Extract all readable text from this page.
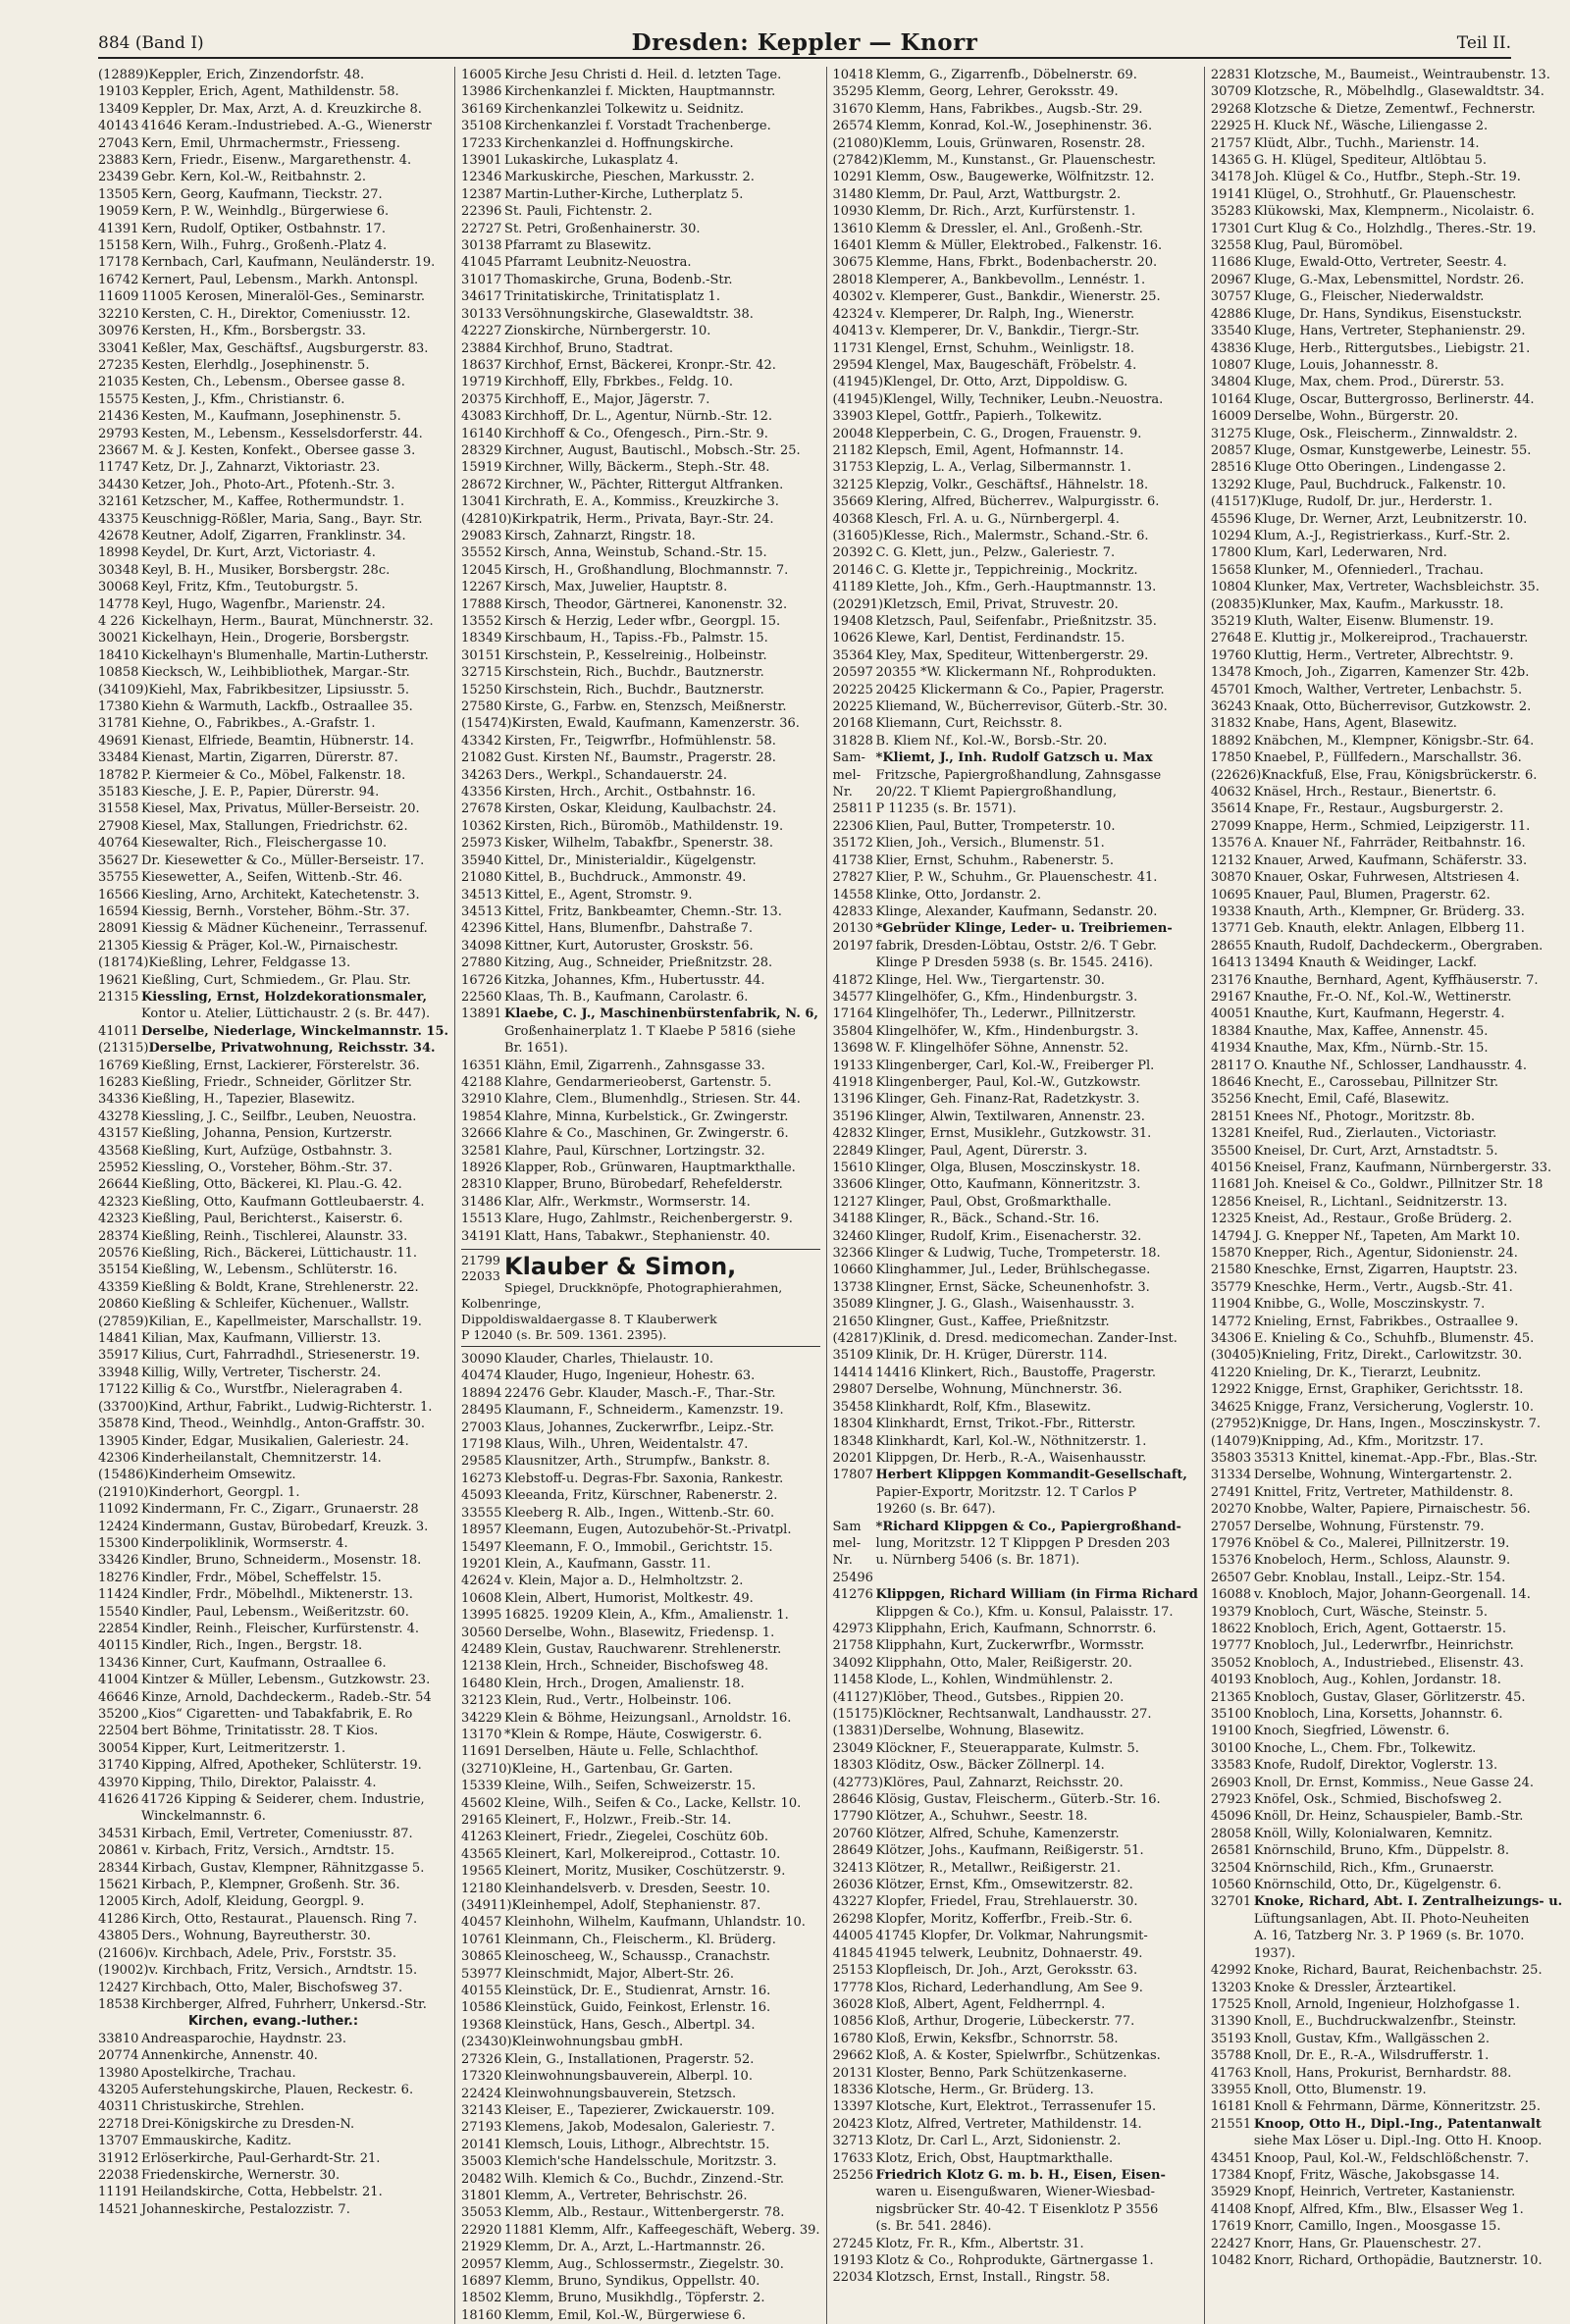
884 (Band I)	Dresden: Keppler — Knorr	Teil II.
(12889)Keppler, Erich, Zinzendorfstr. 48.
19103 Keppler, Erich, Agent, Mathildenstr. 58.
13409 Keppler, Dr. Max, Arzt, A. d. Kreuzkirche 8.
40143 41646 Keram.-Industriebed. A.-G., Wienerstr
27043 Kern, Emil, Uhrmachermstr., Friesseng.
23883 Kern, Friedr., Eisenw., Margarethenstr. 4.
23439 Gebr. Kern, Kol.-W., Reitbahnstr. 2.
13505 Kern, Georg, Kaufmann, Tieckstr. 27.
19059 Kern, P. W., Weinhdlg., Bürgerwiese 6.
41391 Kern, Rudolf, Optiker, Ostbahnstr. 17.
15158 Kern, Wilh., Fuhrg., Großenh.-Platz 4.
17178 Kernbach, Carl, Kaufmann, Neuländerstr. 19.
16742 Kernert, Paul, Lebensm., Markh. Antonspl.
11609 11005 Kerosen, Mineralöl-Ges., Seminarstr.
32210 Kersten, C. H., Direktor, Comeniusstr. 12.
30976 Kersten, H., Kfm., Borsbergstr. 33.
33041 Keßler, Max, Geschäftsf., Augsburgerstr. 83.
27235 Kesten, Elerhdlg., Josephinenstr. 5.
21035 Kesten, Ch., Lebensm., Obersee gasse 8.
15575 Kesten, J., Kfm., Christianstr. 6.
21436 Kesten, M., Kaufmann, Josephinenstr. 5.
29793 Kesten, M., Lebensm., Kesselsdorferstr. 44.
23667 M. & J. Kesten, Konfekt., Obersee gasse 3.
11747 Ketz, Dr. J., Zahnarzt, Viktoriastr. 23.
34430 Ketzer, Joh., Photo-Art., Pfotenh.-Str. 3.
32161 Ketzscher, M., Kaffee, Rothermundstr. 1.
43375 Keuschnigg-Rößler, Maria, Sang., Bayr. Str.
42678 Keutner, Adolf, Zigarren, Franklinstr. 34.
18998 Keydel, Dr. Kurt, Arzt, Victoriastr. 4.
30348 Keyl, B. H., Musiker, Borsbergstr. 28c.
30068 Keyl, Fritz, Kfm., Teutoburgstr. 5.
14778 Keyl, Hugo, Wagenfbr., Marienstr. 24.
4 226 Kickelhayn, Herm., Baurat, Münchnerstr. 32.
30021 Kickelhayn, Hein., Drogerie, Borsbergstr.
18410 Kickelhayn's Blumenhalle, Martin-Lutherstr.
10858 Kiecksch, W., Leihbibliothek, Margar.-Str.
(34109)Kiehl, Max, Fabrikbesitzer, Lipsiusstr. 5.
17380 Kiehn & Warmuth, Lackfb., Ostraallee 35.
31781 Kiehne, O., Fabrikbes., A.-Grafstr. 1.
49691 Kienast, Elfriede, Beamtin, Hübnerstr. 14.
33484 Kienast, Martin, Zigarren, Dürerstr. 87.
18782 P. Kiermeier & Co., Möbel, Falkenstr. 18.
35183 Kiesche, J. E. P., Papier, Dürerstr. 94.
31558 Kiesel, Max, Privatus, Müller-Berseistr. 20.
27908 Kiesel, Max, Stallungen, Friedrichstr. 62.
40764 Kiesewalter, Rich., Fleischergasse 10.
35627 Dr. Kiesewetter & Co., Müller-Berseistr. 17.
35755 Kiesewetter, A., Seifen, Wittenb.-Str. 46.
16566 Kiesling, Arno, Architekt, Katechetenstr. 3.
16594 Kiessig, Bernh., Vorsteher, Böhm.-Str. 37.
28091 Kiessig & Mädner Kücheneinr., Terrassenuf.
21305 Kiessig & Präger, Kol.-W., Pirnaischestr.
(18174)Kießling, Lehrer, Feldgasse 13.
19621 Kießling, Curt, Schmiedem., Gr. Plau. Str.
21315 Kiessling, Ernst, Holzdekorationsmaler,
Kontor u. Atelier, Lüttichaustr. 2 (s. Br. 447).
41011 Derselbe, Niederlage, Winckelmannstr. 15.
(21315)Derselbe, Privatwohnung, Reichsstr. 34.
16769 Kießling, Ernst, Lackierer, Försterelstr. 36.
16283 Kießling, Friedr., Schneider, Görlitzer Str.
34336 Kießling, H., Tapezier, Blasewitz.
43278 Kiessling, J. C., Seilfbr., Leuben, Neuostra.
43157 Kießling, Johanna, Pension, Kurtzerstr.
43568 Kießling, Kurt, Aufzüge, Ostbahnstr. 3.
25952 Kiessling, O., Vorsteher, Böhm.-Str. 37.
26644 Kießling, Otto, Bäckerei, Kl. Plau.-G. 42.
42323 Kießling, Otto, Kaufmann Gottleubaerstr. 4.
42323 Kießling, Paul, Berichterst., Kaiserstr. 6.
28374 Kießling, Reinh., Tischlerei, Alaunstr. 33.
20576 Kießling, Rich., Bäckerei, Lüttichaustr. 11.
35154 Kießling, W., Lebensm., Schlüterstr. 16.
43359 Kießling & Boldt, Krane, Strehlenerstr. 22.
20860 Kießling & Schleifer, Küchenuer., Wallstr.
(27859)Kilian, E., Kapellmeister, Marschallstr. 19.
14841 Kilian, Max, Kaufmann, Villierstr. 13.
35917 Kilius, Curt, Fahrradhdl., Striesenerstr. 19.
33948 Killig, Willy, Vertreter, Tischerstr. 24.
17122 Killig & Co., Wurstfbr., Nieleragraben 4.
(33700)Kind, Arthur, Fabrikt., Ludwig-Richterstr. 1.
35878 Kind, Theod., Weinhdlg., Anton-Graffstr. 30.
13905 Kinder, Edgar, Musikalien, Galeriestr. 24.
42306 Kinderheilanstalt, Chemnitzerstr. 14.
(15486)Kinderheim Omsewitz.
(21910)Kinderhort, Georgpl. 1.
11092 Kindermann, Fr. C., Zigarr., Grunaerstr. 28
12424 Kindermann, Gustav, Bürobedarf, Kreuzk. 3.
15300 Kinderpoliklinik, Wormserstr. 4.
33426 Kindler, Bruno, Schneiderm., Mosenstr. 18.
18276 Kindler, Frdr., Möbel, Scheffelstr. 15.
11424 Kindler, Frdr., Möbelhdl., Miktenerstr. 13.
15540 Kindler, Paul, Lebensm., Weißeritzstr. 60.
22854 Kindler, Reinh., Fleischer, Kurfürstenstr. 4.
40115 Kindler, Rich., Ingen., Bergstr. 18.
13436 Kinner, Curt, Kaufmann, Ostraallee 6.
41004 Kintzer & Müller, Lebensm., Gutzkowstr. 23.
46646 Kinze, Arnold, Dachdeckerm., Radeb.-Str. 54
35200 „Kios“ Cigaretten- und Tabakfabrik, E. Ro
22504 bert Böhme, Trinitatisstr. 28. T Kios.
30054 Kipper, Kurt, Leitmeritzerstr. 1.
31740 Kipping, Alfred, Apotheker, Schlüterstr. 19.
43970 Kipping, Thilo, Direktor, Palaisstr. 4.
41626 41726 Kipping & Seiderer, chem. Industrie,
Winckelmannstr. 6.
34531 Kirbach, Emil, Vertreter, Comeniusstr. 87.
20861 v. Kirbach, Fritz, Versich., Arndtstr. 15.
28344 Kirbach, Gustav, Klempner, Rähnitzgasse 5.
15621 Kirbach, P., Klempner, Großenh. Str. 36.
12005 Kirch, Adolf, Kleidung, Georgpl. 9.
41286 Kirch, Otto, Restaurat., Plauensch. Ring 7.
43805 Ders., Wohnung, Bayreutherstr. 30.
(21606)v. Kirchbach, Adele, Priv., Forststr. 35.
(19002)v. Kirchbach, Fritz, Versich., Arndtstr. 15.
12427 Kirchbach, Otto, Maler, Bischofsweg 37.
18538 Kirchberger, Alfred, Fuhrherr, Unkersd.-Str.
Kirchen, evang.-luther.:
33810 Andreasparochie, Haydnstr. 23.
20774 Annenkirche, Annenstr. 40.
13980 Apostelkirche, Trachau.
43205 Auferstehungskirche, Plauen, Reckestr. 6.
40311 Christuskirche, Strehlen.
22718 Drei-Königskirche zu Dresden-N.
13707 Emmauskirche, Kaditz.
31912 Erlöserkirche, Paul-Gerhardt-Str. 21.
22038 Friedenskirche, Wernerstr. 30.
11191 Heilandskirche, Cotta, Hebbelstr. 21.
14521 Johanneskirche, Pestalozzistr. 7.
16005 Kirche Jesu Christi d. Heil. d. letzten Tage.
13986 Kirchenkanzlei f. Mickten, Hauptmannstr.
36169 Kirchenkanzlei Tolkewitz u. Seidnitz.
35108 Kirchenkanzlei f. Vorstadt Trachenberge.
17233 Kirchenkanzlei d. Hoffnungskirche.
13901 Lukaskirche, Lukasplatz 4.
12346 Markuskirche, Pieschen, Markusstr. 2.
12387 Martin-Luther-Kirche, Lutherplatz 5.
22396 St. Pauli, Fichtenstr. 2.
22727 St. Petri, Großenhainerstr. 30.
30138 Pfarramt zu Blasewitz.
41045 Pfarramt Leubnitz-Neuostra.
31017 Thomaskirche, Gruna, Bodenb.-Str.
34617 Trinitatiskirche, Trinitatisplatz 1.
30133 Versöhnungskirche, Glasewaldtstr. 38.
42227 Zionskirche, Nürnbergerstr. 10.
23884 Kirchhof, Bruno, Stadtrat.
18637 Kirchhof, Ernst, Bäckerei, Kronpr.-Str. 42.
19719 Kirchhoff, Elly, Fbrkbes., Feldg. 10.
20375 Kirchhoff, E., Major, Jägerstr. 7.
43083 Kirchhoff, Dr. L., Agentur, Nürnb.-Str. 12.
16140 Kirchhoff & Co., Ofengesch., Pirn.-Str. 9.
28329 Kirchner, August, Bautischl., Mobsch.-Str. 25.
15919 Kirchner, Willy, Bäckerm., Steph.-Str. 48.
28672 Kirchner, W., Pächter, Rittergut Altfranken.
13041 Kirchrath, E. A., Kommiss., Kreuzkirche 3.
(42810)Kirkpatrik, Herm., Privata, Bayr.-Str. 24.
29083 Kirsch, Zahnarzt, Ringstr. 18.
35552 Kirsch, Anna, Weinstub, Schand.-Str. 15.
12045 Kirsch, H., Großhandlung, Blochmannstr. 7.
12267 Kirsch, Max, Juwelier, Hauptstr. 8.
17888 Kirsch, Theodor, Gärtnerei, Kanonenstr. 32.
13552 Kirsch & Herzig, Leder wfbr., Georgpl. 15.
18349 Kirschbaum, H., Tapiss.-Fb., Palmstr. 15.
30151 Kirschstein, P., Kesselreinig., Holbeinstr.
32715 Kirschstein, Rich., Buchdr., Bautznerstr.
15250 Kirschstein, Rich., Buchdr., Bautznerstr.
27580 Kirste, G., Farbw. en, Stenzsch, Meißnerstr.
(15474)Kirsten, Ewald, Kaufmann, Kamenzerstr. 36.
43342 Kirsten, Fr., Teigwrfbr., Hofmühlenstr. 58.
21082 Gust. Kirsten Nf., Baumstr., Pragerstr. 28.
34263 Ders., Werkpl., Schandauerstr. 24.
43356 Kirsten, Hrch., Archit., Ostbahnstr. 16.
27678 Kirsten, Oskar, Kleidung, Kaulbachstr. 24.
10362 Kirsten, Rich., Büromöb., Mathildenstr. 19.
25973 Kisker, Wilhelm, Tabakfbr., Spenerstr. 38.
35940 Kittel, Dr., Ministerialdir., Kügelgenstr.
21080 Kittel, B., Buchdruck., Ammonstr. 49.
34513 Kittel, E., Agent, Stromstr. 9.
34513 Kittel, Fritz, Bankbeamter, Chemn.-Str. 13.
42396 Kittel, Hans, Blumenfbr., Dahstraße 7.
34098 Kittner, Kurt, Autoruster, Groskstr. 56.
27880 Kitzing, Aug., Schneider, Prießnitzstr. 28.
16726 Kitzka, Johannes, Kfm., Hubertusstr. 44.
22560 Klaas, Th. B., Kaufmann, Carolastr. 6.
13891 Klaebe, C. J., Maschinenbürstenfabrik, N. 6,
Großenhainerplatz 1. T Klaebe P 5816 (siehe
Br. 1651).
16351 Klähn, Emil, Zigarrenh., Zahnsgasse 33.
42188 Klahre, Gendarmerieoberst, Gartenstr. 5.
32910 Klahre, Clem., Blumenhdlg., Striesen. Str. 44.
19854 Klahre, Minna, Kurbelstick., Gr. Zwingerstr.
32666 Klahre & Co., Maschinen, Gr. Zwingerstr. 6.
32581 Klahre, Paul, Kürschner, Lortzingstr. 32.
18926 Klapper, Rob., Grünwaren, Hauptmarkthalle.
28310 Klapper, Bruno, Bürobedarf, Rehefelderstr.
31486 Klar, Alfr., Werkmstr., Wormserstr. 14.
15513 Klare, Hugo, Zahlmstr., Reichenbergerstr. 9.
34191 Klatt, Hans, Tabakwr., Stephanienstr. 40.
21799
22033 Klauber & Simon,
Spiegel, Druckknöpfe, Photographierahmen, Kolbenringe,
Dippoldiswaldaergasse 8. T Klauberwerk
P 12040 (s. Br. 509. 1361. 2395).
30090 Klauder, Charles, Thielaustr. 10.
40474 Klauder, Hugo, Ingenieur, Hohestr. 63.
18894 22476 Gebr. Klauder, Masch.-F., Thar.-Str.
28495 Klaumann, F., Schneiderm., Kamenzstr. 19.
27003 Klaus, Johannes, Zuckerwrfbr., Leipz.-Str.
17198 Klaus, Wilh., Uhren, Weidentalstr. 47.
29585 Klausnitzer, Arth., Strumpfw., Bankstr. 8.
16273 Klebstoff-u. Degras-Fbr. Saxonia, Rankestr.
45093 Kleeanda, Fritz, Kürschner, Rabenerstr. 2.
33555 Kleeberg R. Alb., Ingen., Wittenb.-Str. 60.
18957 Kleemann, Eugen, Autozubehör-St.-Privatpl.
15497 Kleemann, F. O., Immobil., Gerichtstr. 15.
19201 Klein, A., Kaufmann, Gasstr. 11.
42624 v. Klein, Major a. D., Helmholtzstr. 2.
10608 Klein, Albert, Humorist, Moltkestr. 49.
13995 16825. 19209 Klein, A., Kfm., Amalienstr. 1.
30560 Derselbe, Wohn., Blasewitz, Friedensp. 1.
42489 Klein, Gustav, Rauchwarenr. Strehlenerstr.
12138 Klein, Hrch., Schneider, Bischofsweg 48.
16480 Klein, Hrch., Drogen, Amalienstr. 18.
32123 Klein, Rud., Vertr., Holbeinstr. 106.
34229 Klein & Böhme, Heizungsanl., Arnoldstr. 16.
13170 *Klein & Rompe, Häute, Coswigerstr. 6.
11691 Derselben, Häute u. Felle, Schlachthof.
(32710)Kleine, H., Gartenbau, Gr. Garten.
15339 Kleine, Wilh., Seifen, Schweizerstr. 15.
45602 Kleine, Wilh., Seifen & Co., Lacke, Kellstr. 10.
29165 Kleinert, F., Holzwr., Freib.-Str. 14.
41263 Kleinert, Friedr., Ziegelei, Coschütz 60b.
43565 Kleinert, Karl, Molkereiprod., Cottastr. 10.
19565 Kleinert, Moritz, Musiker, Coschützerstr. 9.
12180 Kleinhandelsverb. v. Dresden, Seestr. 10.
(34911)Kleinhempel, Adolf, Stephanienstr. 87.
40457 Kleinhohn, Wilhelm, Kaufmann, Uhlandstr. 10.
10761 Kleinmann, Ch., Fleischerm., Kl. Brüderg.
30865 Kleinoscheeg, W., Schaussp., Cranachstr.
53977 Kleinschmidt, Major, Albert-Str. 26.
40155 Kleinstück, Dr. E., Studienrat, Arnstr. 16.
10586 Kleinstück, Guido, Feinkost, Erlenstr. 16.
19368 Kleinstück, Hans, Gesch., Albertpl. 34.
(23430)Kleinwohnungsbau gmbH.
27326 Klein, G., Installationen, Pragerstr. 52.
17320 Kleinwohnungsbauverein, Alberpl. 10.
22424 Kleinwohnungsbauverein, Stetzsch.
32143 Kleiser, E., Tapezierer, Zwickauerstr. 109.
27193 Klemens, Jakob, Modesalon, Galeriestr. 7.
20141 Klemsch, Louis, Lithogr., Albrechtstr. 15.
35003 Klemich'sche Handelsschule, Moritzstr. 3.
20482 Wilh. Klemich & Co., Buchdr., Zinzend.-Str.
31801 Klemm, A., Vertreter, Behrischstr. 26.
35053 Klemm, Alb., Restaur., Wittenbergerstr. 78.
22920 11881 Klemm, Alfr., Kaffeegeschäft, Weberg. 39.
21929 Klemm, Dr. A., Arzt, L.-Hartmannstr. 26.
20957 Klemm, Aug., Schlossermstr., Ziegelstr. 30.
16897 Klemm, Bruno, Syndikus, Oppellstr. 40.
18502 Klemm, Bruno, Musikhdlg., Töpferstr. 2.
18160 Klemm, Emil, Kol.-W., Bürgerwiese 6.
10418 Klemm, G., Zigarrenfb., Döbelnerstr. 69.
35295 Klemm, Georg, Lehrer, Geroksstr. 49.
31670 Klemm, Hans, Fabrikbes., Augsb.-Str. 29.
26574 Klemm, Konrad, Kol.-W., Josephinenstr. 36.
(21080)Klemm, Louis, Grünwaren, Rosenstr. 28.
(27842)Klemm, M., Kunstanst., Gr. Plauenschestr.
10291 Klemm, Osw., Baugewerke, Wölfnitzstr. 12.
31480 Klemm, Dr. Paul, Arzt, Wattburgstr. 2.
10930 Klemm, Dr. Rich., Arzt, Kurfürstenstr. 1.
13610 Klemm & Dressler, el. Anl., Großenh.-Str.
16401 Klemm & Müller, Elektrobed., Falkenstr. 16.
30675 Klemme, Hans, Fbrkt., Bodenbacherstr. 20.
28018 Klemperer, A., Bankbevollm., Lennéstr. 1.
40302 v. Klemperer, Gust., Bankdir., Wienerstr. 25.
42324 v. Klemperer, Dr. Ralph, Ing., Wienerstr.
40413 v. Klemperer, Dr. V., Bankdir., Tiergr.-Str.
11731 Klengel, Ernst, Schuhm., Weinligstr. 18.
29594 Klengel, Max, Baugeschäft, Fröbelstr. 4.
(41945)Klengel, Dr. Otto, Arzt, Dippoldisw. G.
(41945)Klengel, Willy, Techniker, Leubn.-Neuostra.
33903 Klepel, Gottfr., Papierh., Tolkewitz.
20048 Klepperbein, C. G., Drogen, Frauenstr. 9.
21182 Klepsch, Emil, Agent, Hofmannstr. 14.
31753 Klepzig, L. A., Verlag, Silbermannstr. 1.
32125 Klepzig, Volkr., Geschäftsf., Hähnelstr. 18.
35669 Klering, Alfred, Bücherrev., Walpurgisstr. 6.
40368 Klesch, Frl. A. u. G., Nürnbergerpl. 4.
(31605)Klesse, Rich., Malermstr., Schand.-Str. 6.
20392 C. G. Klett, jun., Pelzw., Galeriestr. 7.
20146 C. G. Klette jr., Teppichreinig., Mockritz.
41189 Klette, Joh., Kfm., Gerh.-Hauptmannstr. 13.
(20291)Kletzsch, Emil, Privat, Struvestr. 20.
19408 Kletzsch, Paul, Seifenfabr., Prießnitzstr. 35.
10626 Klewe, Karl, Dentist, Ferdinandstr. 15.
35364 Kley, Max, Spediteur, Wittenbergerstr. 29.
20597 20355 *W. Klickermann Nf., Rohprodukten.
20225 20425 Klickermann & Co., Papier, Pragerstr.
20225 Kliemand, W., Bücherrevisor, Güterb.-Str. 30.
20168 Kliemann, Curt, Reichsstr. 8.
31828 B. Kliem Nf., Kol.-W., Borsb.-Str. 20.
Sam- *Kliemt, J., Inh. Rudolf Gatzsch u. Max
mel- Fritzsche, Papiergroßhandlung, Zahnsgasse
Nr. 20/22. T Kliemt Papiergroßhandlung,
25811 P 11235 (s. Br. 1571).
22306 Klien, Paul, Butter, Trompeterstr. 10.
35172 Klien, Joh., Versich., Blumenstr. 51.
41738 Klier, Ernst, Schuhm., Rabenerstr. 5.
27827 Klier, P. W., Schuhm., Gr. Plauenschestr. 41.
14558 Klinke, Otto, Jordanstr. 2.
42833 Klinge, Alexander, Kaufmann, Sedanstr. 20.
20130 *Gebrüder Klinge, Leder- u. Treibriemen-
20197 fabrik, Dresden-Löbtau, Oststr. 2/6. T Gebr.
Klinge P Dresden 5938 (s. Br. 1545. 2416).
41872 Klinge, Hel. Ww., Tiergartenstr. 30.
34577 Klingelhöfer, G., Kfm., Hindenburgstr. 3.
17164 Klingelhöfer, Th., Lederwr., Pillnitzerstr.
35804 Klingelhöfer, W., Kfm., Hindenburgstr. 3.
13698 W. F. Klingelhöfer Söhne, Annenstr. 52.
19133 Klingenberger, Carl, Kol.-W., Freiberger Pl.
41918 Klingenberger, Paul, Kol.-W., Gutzkowstr.
13196 Klinger, Geh. Finanz-Rat, Radetzkystr. 3.
35196 Klinger, Alwin, Textilwaren, Annenstr. 23.
42832 Klinger, Ernst, Musiklehr., Gutzkowstr. 31.
22849 Klinger, Paul, Agent, Dürerstr. 3.
15610 Klinger, Olga, Blusen, Mosczinskystr. 18.
33606 Klinger, Otto, Kaufmann, Könneritzstr. 3.
12127 Klinger, Paul, Obst, Großmarkthalle.
34188 Klinger, R., Bäck., Schand.-Str. 16.
32460 Klinger, Rudolf, Krim., Eisenacherstr. 32.
32366 Klinger & Ludwig, Tuche, Trompeterstr. 18.
10660 Klinghammer, Jul., Leder, Brühlschegasse.
13738 Klingner, Ernst, Säcke, Scheunenhofstr. 3.
35089 Klingner, J. G., Glash., Waisenhausstr. 3.
21650 Klingner, Gust., Kaffee, Prießnitzstr.
(42817)Klinik, d. Dresd. medicomechan. Zander-Inst.
35109 Klinik, Dr. H. Krüger, Dürerstr. 114.
14414 14416 Klinkert, Rich., Baustoffe, Pragerstr.
29807 Derselbe, Wohnung, Münchnerstr. 36.
35458 Klinkhardt, Rolf, Kfm., Blasewitz.
18304 Klinkhardt, Ernst, Trikot.-Fbr., Ritterstr.
18348 Klinkhardt, Karl, Kol.-W., Nöthnitzerstr. 1.
20201 Klippgen, Dr. Herb., R.-A., Waisenhausstr.
17807 Herbert Klippgen Kommandit-Gesellschaft,
Papier-Exportr, Moritzstr. 12. T Carlos P
19260 (s. Br. 647).
Sam *Richard Klippgen & Co., Papiergroßhand-
mel- lung, Moritzstr. 12 T Klippgen P Dresden 203
Nr. u. Nürnberg 5406 (s. Br. 1871).
25496
41276 Klippgen, Richard William (in Firma Richard
Klippgen & Co.), Kfm. u. Konsul, Palaisstr. 17.
42973 Klipphahn, Erich, Kaufmann, Schnorrstr. 6.
21758 Klipphahn, Kurt, Zuckerwrfbr., Wormsstr.
34092 Klipphahn, Otto, Maler, Reißigerstr. 20.
11458 Klode, L., Kohlen, Windmühlenstr. 2.
(41127)Klöber, Theod., Gutsbes., Rippien 20.
(15175)Klöckner, Rechtsanwalt, Landhausstr. 27.
(13831)Derselbe, Wohnung, Blasewitz.
23049 Klöckner, F., Steuerapparate, Kulmstr. 5.
18303 Klöditz, Osw., Bäcker Zöllnerpl. 14.
(42773)Klöres, Paul, Zahnarzt, Reichsstr. 20.
28646 Klösig, Gustav, Fleischerm., Güterb.-Str. 16.
17790 Klötzer, A., Schuhwr., Seestr. 18.
20760 Klötzer, Alfred, Schuhe, Kamenzerstr.
28649 Klötzer, Johs., Kaufmann, Reißigerstr. 51.
32413 Klötzer, R., Metallwr., Reißigerstr. 21.
26036 Klötzer, Ernst, Kfm., Omsewitzerstr. 82.
43227 Klopfer, Friedel, Frau, Strehlauerstr. 30.
26298 Klopfer, Moritz, Kofferfbr., Freib.-Str. 6.
44005 41745 Klopfer, Dr. Volkmar, Nahrungsmit-
41845 41945 telwerk, Leubnitz, Dohnaerstr. 49.
25153 Klopfleisch, Dr. Joh., Arzt, Geroksstr. 63.
17778 Klos, Richard, Lederhandlung, Am See 9.
36028 Kloß, Albert, Agent, Feldherrnpl. 4.
10856 Kloß, Arthur, Drogerie, Lübeckerstr. 77.
16780 Kloß, Erwin, Keksfbr., Schnorrstr. 58.
29662 Kloß, A. & Koster, Spielwrfbr., Schützenkas.
20131 Kloster, Benno, Park Schützenkaserne.
18336 Klotsche, Herm., Gr. Brüderg. 13.
13397 Klotsche, Kurt, Elektrot., Terrassenufer 15.
20423 Klotz, Alfred, Vertreter, Mathildenstr. 14.
32713 Klotz, Dr. Carl L., Arzt, Sidonienstr. 2.
17633 Klotz, Erich, Obst, Hauptmarkthalle.
25256 Friedrich Klotz G. m. b. H., Eisen, Eisen-
waren u. Eisengußwaren, Wiener-Wiesbad-
nigsbrücker Str. 40-42. T Eisenklotz P 3556
(s. Br. 541. 2846).
27245 Klotz, Fr. R., Kfm., Albertstr. 31.
19193 Klotz & Co., Rohprodukte, Gärtnergasse 1.
22034 Klotzsch, Ernst, Install., Ringstr. 58.
22831 Klotzsche, M., Baumeist., Weintraubenstr. 13.
30709 Klotzsche, R., Möbelhdlg., Glasewaldtstr. 34.
29268 Klotzsche & Dietze, Zementwf., Fechnerstr.
22925 H. Kluck Nf., Wäsche, Liliengasse 2.
21757 Klüdt, Albr., Tuchh., Marienstr. 14.
14365 G. H. Klügel, Spediteur, Altlöbtau 5.
34178 Joh. Klügel & Co., Hutfbr., Steph.-Str. 19.
19141 Klügel, O., Strohhutf., Gr. Plauenschestr.
35283 Klükowski, Max, Klempnerm., Nicolaistr. 6.
17301 Curt Klug & Co., Holzhdlg., Theres.-Str. 19.
32558 Klug, Paul, Büromöbel.
11686 Kluge, Ewald-Otto, Vertreter, Seestr. 4.
20967 Kluge, G.-Max, Lebensmittel, Nordstr. 26.
30757 Kluge, G., Fleischer, Niederwaldstr.
42886 Kluge, Dr. Hans, Syndikus, Eisenstuckstr.
33540 Kluge, Hans, Vertreter, Stephanienstr. 29.
43836 Kluge, Herb., Rittergutsbes., Liebigstr. 21.
10807 Kluge, Louis, Johannesstr. 8.
34804 Kluge, Max, chem. Prod., Dürerstr. 53.
10164 Kluge, Oscar, Buttergrosso, Berlinerstr. 44.
16009 Derselbe, Wohn., Bürgerstr. 20.
31275 Kluge, Osk., Fleischerm., Zinnwaldstr. 2.
20857 Kluge, Osmar, Kunstgewerbe, Leinestr. 55.
28516 Kluge Otto Oberingen., Lindengasse 2.
13292 Kluge, Paul, Buchdruck., Falkenstr. 10.
(41517)Kluge, Rudolf, Dr. jur., Herderstr. 1.
45596 Kluge, Dr. Werner, Arzt, Leubnitzerstr. 10.
10294 Klum, A.-J., Registrierkass., Kurf.-Str. 2.
17800 Klum, Karl, Lederwaren, Nrd.
15658 Klunker, M., Ofenniederl., Trachau.
10804 Klunker, Max, Vertreter, Wachsbleichstr. 35.
(20835)Klunker, Max, Kaufm., Markusstr. 18.
35219 Kluth, Walter, Eisenw. Blumenstr. 19.
27648 E. Kluttig jr., Molkereiprod., Trachauerstr.
19760 Kluttig, Herm., Vertreter, Albrechtstr. 9.
13478 Kmoch, Joh., Zigarren, Kamenzer Str. 42b.
45701 Kmoch, Walther, Vertreter, Lenbachstr. 5.
36243 Knaak, Otto, Bücherrevisor, Gutzkowstr. 2.
31832 Knabe, Hans, Agent, Blasewitz.
18892 Knäbchen, M., Klempner, Königsbr.-Str. 64.
17850 Knaebel, P., Füllfedern., Marschallstr. 36.
(22626)Knackfuß, Else, Frau, Königsbrückerstr. 6.
40632 Knäsel, Hrch., Restaur., Bienertstr. 6.
35614 Knape, Fr., Restaur., Augsburgerstr. 2.
27099 Knappe, Herm., Schmied, Leipzigerstr. 11.
13576 A. Knauer Nf., Fahrräder, Reitbahnstr. 16.
12132 Knauer, Arwed, Kaufmann, Schäferstr. 33.
30870 Knauer, Oskar, Fuhrwesen, Altstriesen 4.
10695 Knauer, Paul, Blumen, Pragerstr. 62.
19338 Knauth, Arth., Klempner, Gr. Brüderg. 33.
13771 Geb. Knauth, elektr. Anlagen, Elbberg 11.
28655 Knauth, Rudolf, Dachdeckerm., Obergraben.
16413 13494 Knauth & Weidinger, Lackf.
23176 Knauthe, Bernhard, Agent, Kyffhäuserstr. 7.
29167 Knauthe, Fr.-O. Nf., Kol.-W., Wettinerstr.
40051 Knauthe, Kurt, Kaufmann, Hegerstr. 4.
18384 Knauthe, Max, Kaffee, Annenstr. 45.
41934 Knauthe, Max, Kfm., Nürnb.-Str. 15.
28117 O. Knauthe Nf., Schlosser, Landhausstr. 4.
18646 Knecht, E., Carossebau, Pillnitzer Str.
35256 Knecht, Emil, Café, Blasewitz.
28151 Knees Nf., Photogr., Moritzstr. 8b.
13281 Kneifel, Rud., Zierlauten., Victoriastr.
35500 Kneisel, Dr. Curt, Arzt, Arnstadtstr. 5.
40156 Kneisel, Franz, Kaufmann, Nürnbergerstr. 33.
11681 Joh. Kneisel & Co., Goldwr., Pillnitzer Str. 18
12856 Kneisel, R., Lichtanl., Seidnitzerstr. 13.
12325 Kneist, Ad., Restaur., Große Brüderg. 2.
14794 J. G. Knepper Nf., Tapeten, Am Markt 10.
15870 Knepper, Rich., Agentur, Sidonienstr. 24.
21580 Kneschke, Ernst, Zigarren, Hauptstr. 23.
35779 Kneschke, Herm., Vertr., Augsb.-Str. 41.
11904 Knibbe, G., Wolle, Mosczinskystr. 7.
14772 Knieling, Ernst, Fabrikbes., Ostraallee 9.
34306 E. Knieling & Co., Schuhfb., Blumenstr. 45.
(30405)Knieling, Fritz, Direkt., Carlowitzstr. 30.
41220 Knieling, Dr. K., Tierarzt, Leubnitz.
12922 Knigge, Ernst, Graphiker, Gerichtsstr. 18.
34625 Knigge, Franz, Versicherung, Voglerstr. 10.
(27952)Knigge, Dr. Hans, Ingen., Mosczinskystr. 7.
(14079)Knipping, Ad., Kfm., Moritzstr. 17.
35803 35313 Knittel, kinemat.-App.-Fbr., Blas.-Str.
31334 Derselbe, Wohnung, Wintergartenstr. 2.
27491 Knittel, Fritz, Vertreter, Mathildenstr. 8.
20270 Knobbe, Walter, Papiere, Pirnaischestr. 56.
27057 Derselbe, Wohnung, Fürstenstr. 79.
17976 Knöbel & Co., Malerei, Pillnitzerstr. 19.
15376 Knobeloch, Herm., Schloss, Alaunstr. 9.
26507 Gebr. Knoblau, Install., Leipz.-Str. 154.
16088 v. Knobloch, Major, Johann-Georgenall. 14.
19379 Knobloch, Curt, Wäsche, Steinstr. 5.
18622 Knobloch, Erich, Agent, Gottaerstr. 15.
19777 Knobloch, Jul., Lederwrfbr., Heinrichstr.
35052 Knobloch, A., Industriebed., Elisenstr. 43.
40193 Knobloch, Aug., Kohlen, Jordanstr. 18.
21365 Knobloch, Gustav, Glaser, Görlitzerstr. 45.
35100 Knobloch, Lina, Korsetts, Johannstr. 6.
19100 Knoch, Siegfried, Löwenstr. 6.
30100 Knoche, L., Chem. Fbr., Tolkewitz.
33583 Knofe, Rudolf, Direktor, Voglerstr. 13.
26903 Knoll, Dr. Ernst, Kommiss., Neue Gasse 24.
27923 Knöfel, Osk., Schmied, Bischofsweg 2.
45096 Knöll, Dr. Heinz, Schauspieler, Bamb.-Str.
28058 Knöll, Willy, Kolonialwaren, Kemnitz.
26581 Knörnschild, Bruno, Kfm., Düppelstr. 8.
32504 Knörnschild, Rich., Kfm., Grunaerstr.
10560 Knörnschild, Otto, Dr., Kügelgenstr. 6.
32701 Knoke, Richard, Abt. I. Zentralheizungs- u.
Lüftungsanlagen, Abt. II. Photo-Neuheiten
A. 16, Tatzberg Nr. 3. P 1969 (s. Br. 1070.
1937).
42992 Knoke, Richard, Baurat, Reichenbachstr. 25.
13203 Knoke & Dressler, Ärzteartikel.
17525 Knoll, Arnold, Ingenieur, Holzhofgasse 1.
31390 Knoll, E., Buchdruckwalzenfbr., Steinstr.
35193 Knoll, Gustav, Kfm., Wallgässchen 2.
35788 Knoll, Dr. E., R.-A., Wilsdrufferstr. 1.
41763 Knoll, Hans, Prokurist, Bernhardstr. 88.
33955 Knoll, Otto, Blumenstr. 19.
16181 Knoll & Fehrmann, Därme, Könneritzstr. 25.
21551 Knoop, Otto H., Dipl.-Ing., Patentanwalt
siehe Max Löser u. Dipl.-Ing. Otto H. Knoop.
43451 Knoop, Paul, Kol.-W., Feldschlößchenstr. 7.
17384 Knopf, Fritz, Wäsche, Jakobsgasse 14.
35929 Knopf, Heinrich, Vertreter, Kastanienstr.
41408 Knopf, Alfred, Kfm., Blw., Elsasser Weg 1.
17619 Knorr, Camillo, Ingen., Moosgasse 15.
22427 Knorr, Hans, Gr. Plauenschestr. 27.
10482 Knorr, Richard, Orthopädie, Bautznerstr. 10.
